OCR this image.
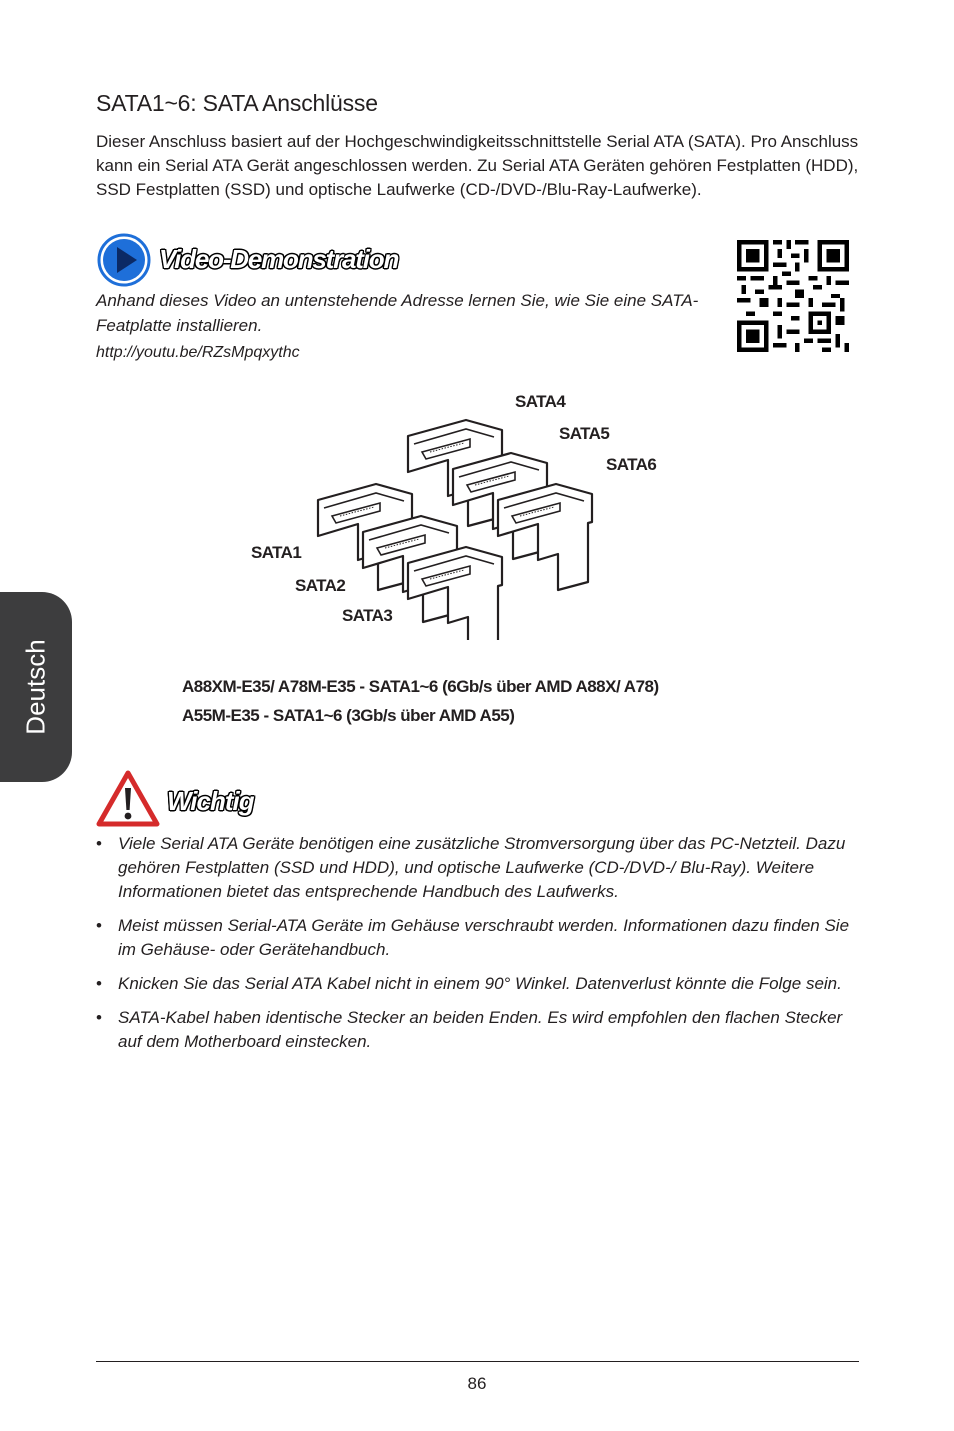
SATA1~6: SATA Anschlüsse

Dieser Anschluss basiert auf der Hochgeschwindigkeitsschnittstelle Serial ATA (SATA). Pro Anschluss kann ein Serial ATA Gerät angeschlossen werden. Zu Serial ATA Geräten gehören Festplatten (HDD), SSD Festplatten (SSD) und optische Laufwerke (CD-/DVD-/Blu-Ray-Laufwerke).

Video-Demonstration

Anhand dieses Video an untenstehende Adresse lernen Sie, wie Sie eine SATA-Featplatte installieren.

http://youtu.be/RZsMpqxythc
SATA4
SATA5
SATA6
SATA1
SATA2
SATA3
A88XM-E35/ A78M-E35 - SATA1~6 (6Gb/s über AMD A88X/ A78)
A55M-E35 - SATA1~6 (3Gb/s über AMD A55)
Deutsch
Wichtig
• Viele Serial ATA Geräte benötigen eine zusätzliche Stromversorgung über das PC-Netzteil. Dazu gehören Festplatten (SSD und HDD), und optische Laufwerke (CD-/DVD-/ Blu-Ray). Weitere Informationen bietet das entsprechende Handbuch des Laufwerks.
• Meist müssen Serial-ATA Geräte im Gehäuse verschraubt werden. Informationen dazu finden Sie im Gehäuse- oder Gerätehandbuch.
• Knicken Sie das Serial ATA Kabel nicht in einem 90° Winkel. Datenverlust könnte die Folge sein.
• SATA-Kabel haben identische Stecker an beiden Enden. Es wird empfohlen den flachen Stecker auf dem Motherboard einstecken.
86
